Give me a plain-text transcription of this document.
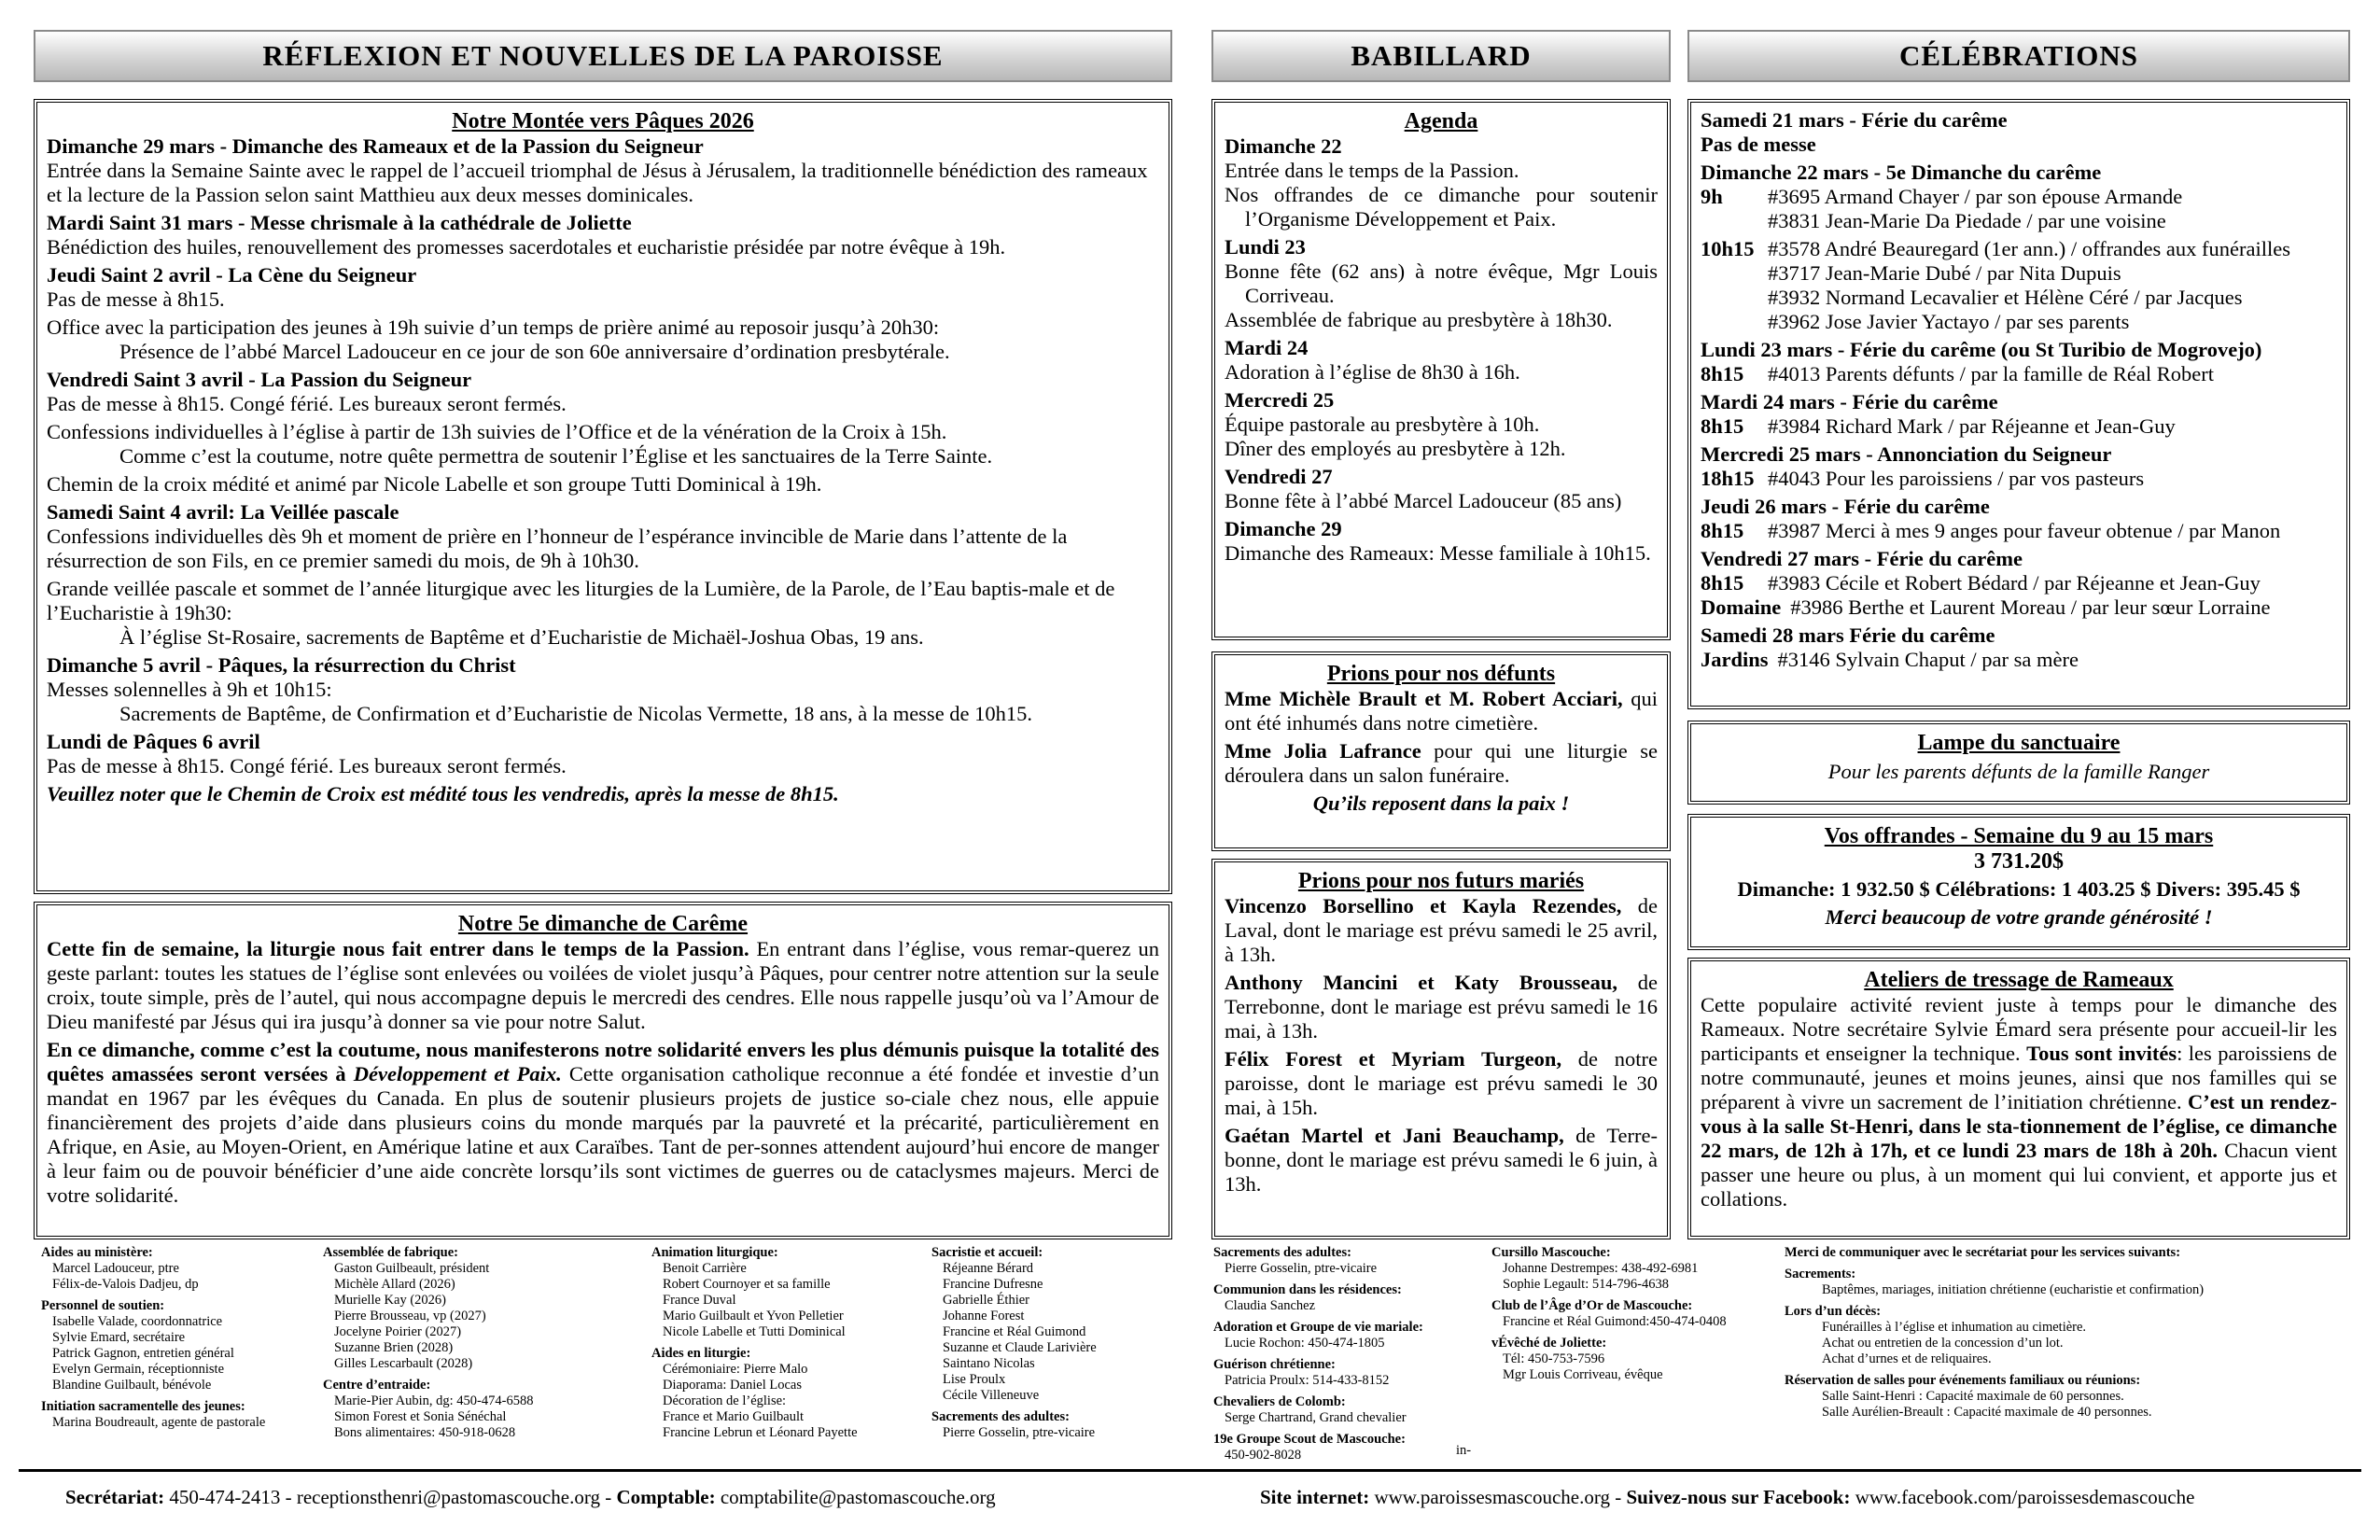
RÉFLEXION ET NOUVELLES DE LA PAROISSE	BABILLARD	CÉLÉBRATIONS
Notre Montée vers Pâques 2026
Dimanche 29 mars - Dimanche des Rameaux et de la Passion du Seigneur
Entrée dans la Semaine Sainte avec le rappel de l’accueil triomphal de Jésus à Jérusalem, la traditionnelle bénédiction des rameaux et la lecture de la Passion selon saint Matthieu aux deux messes dominicales.
Mardi Saint 31 mars - Messe chrismale à la cathédrale de Joliette
Bénédiction des huiles, renouvellement des promesses sacerdotales et eucharistie présidée par notre évêque à 19h.
Jeudi Saint 2 avril - La Cène du Seigneur
Pas de messe à 8h15.
Office avec la participation des jeunes à 19h suivie d’un temps de prière animé au reposoir jusqu’à 20h30:
Présence de l’abbé Marcel Ladouceur en ce jour de son 60e anniversaire d’ordination presbytérale.
Vendredi Saint 3 avril - La Passion du Seigneur
Pas de messe à 8h15. Congé férié. Les bureaux seront fermés.
Confessions individuelles à l’église à partir de 13h suivies de l’Office et de la vénération de la Croix à 15h.
Comme c’est la coutume, notre quête permettra de soutenir l’Église et les sanctuaires de la Terre Sainte.
Chemin de la croix médité et animé par Nicole Labelle et son groupe Tutti Dominical à 19h.
Samedi Saint 4 avril: La Veillée pascale
Confessions individuelles dès 9h et moment de prière en l’honneur de l’espérance invincible de Marie dans l’attente de la résurrection de son Fils, en ce premier samedi du mois, de 9h à 10h30.
Grande veillée pascale et sommet de l’année liturgique avec les liturgies de la Lumière, de la Parole, de l’Eau baptis-male et de l’Eucharistie à 19h30:
À l’église St-Rosaire, sacrements de Baptême et d’Eucharistie de Michaël-Joshua Obas, 19 ans.
Dimanche 5 avril - Pâques, la résurrection du Christ
Messes solennelles à 9h et 10h15:
Sacrements de Baptême, de Confirmation et d’Eucharistie de Nicolas Vermette, 18 ans, à la messe de 10h15.
Lundi de Pâques 6 avril
Pas de messe à 8h15. Congé férié. Les bureaux seront fermés.
Veuillez noter que le Chemin de Croix est médité tous les vendredis, après la messe de 8h15.
Notre 5e dimanche de Carême
Cette fin de semaine, la liturgie nous fait entrer dans le temps de la Passion. En entrant dans l’église, vous remar-querez un geste parlant: toutes les statues de l’église sont enlevées ou voilées de violet jusqu’à Pâques, pour centrer notre attention sur la seule croix, toute simple, près de l’autel, qui nous accompagne depuis le mercredi des cendres. Elle nous rappelle jusqu’où va l’Amour de Dieu manifesté par Jésus qui ira jusqu’à donner sa vie pour notre Salut.
En ce dimanche, comme c’est la coutume, nous manifesterons notre solidarité envers les plus démunis puisque la totalité des quêtes amassées seront versées à Développement et Paix. Cette organisation catholique reconnue a été fondée et investie d’un mandat en 1967 par les évêques du Canada. En plus de soutenir plusieurs projets de justice so-ciale chez nous, elle appuie financièrement des projets d’aide dans plusieurs coins du monde marqués par la pauvreté et la précarité, particulièrement en Afrique, en Asie, au Moyen-Orient, en Amérique latine et aux Caraïbes. Tant de per-sonnes attendent aujourd’hui encore de manger à leur faim ou de pouvoir bénéficier d’une aide concrète lorsqu’ils sont victimes de guerres ou de cataclysmes majeurs. Merci de votre solidarité.
Agenda
Dimanche 22
Entrée dans le temps de la Passion.
Nos offrandes de ce dimanche pour soutenir l’Organisme Développement et Paix.
Lundi 23
Bonne fête (62 ans) à notre évêque, Mgr Louis Corriveau.
Assemblée de fabrique au presbytère à 18h30.
Mardi 24
Adoration à l’église de 8h30 à 16h.
Mercredi 25
Équipe pastorale au presbytère à 10h.
Dîner des employés au presbytère à 12h.
Vendredi 27
Bonne fête à l’abbé Marcel Ladouceur (85 ans)
Dimanche 29
Dimanche des Rameaux: Messe familiale à 10h15.
Prions pour nos défunts
Mme Michèle Brault et M. Robert Acciari, qui ont été inhumés dans notre cimetière.
Mme Jolia Lafrance pour qui une liturgie se déroulera dans un salon funéraire.
Qu’ils reposent dans la paix !
Prions pour nos futurs mariés
Vincenzo Borsellino et Kayla Rezendes, de Laval, dont le mariage est prévu samedi le 25 avril, à 13h.
Anthony Mancini et Katy Brousseau, de Terrebonne, dont le mariage est prévu samedi le 16 mai, à 13h.
Félix Forest et Myriam Turgeon, de notre paroisse, dont le mariage est prévu samedi le 30 mai, à 15h.
Gaétan Martel et Jani Beauchamp, de Terre-bonne, dont le mariage est prévu samedi le 6 juin, à 13h.
Samedi 21 mars - Férie du carême
Pas de messe
Dimanche 22 mars - 5e Dimanche du carême
9h	#3695 Armand Chayer / par son épouse Armande
#3831 Jean-Marie Da Piedade / par une voisine
10h15 #3578 André Beauregard (1er ann.) / offrandes aux funérailles
#3717 Jean-Marie Dubé / par Nita Dupuis
#3932 Normand Lecavalier et Hélène Céré / par Jacques
#3962 Jose Javier Yactayo / par ses parents
Lundi 23 mars - Férie du carême (ou St Turibio de Mogrovejo)
8h15	#4013 Parents défunts / par la famille de Réal Robert
Mardi 24 mars - Férie du carême
8h15	#3984 Richard Mark / par Réjeanne et Jean-Guy
Mercredi 25 mars - Annonciation du Seigneur
18h15 #4043 Pour les paroissiens / par vos pasteurs
Jeudi 26 mars - Férie du carême
8h15	#3987 Merci à mes 9 anges pour faveur obtenue / par Manon
Vendredi 27 mars - Férie du carême
8h15	#3983 Cécile et Robert Bédard / par Réjeanne et Jean-Guy
Domaine #3986 Berthe et Laurent Moreau / par leur sœur Lorraine
Samedi 28 mars Férie du carême
Jardins #3146 Sylvain Chaput / par sa mère
Lampe du sanctuaire
Pour les parents défunts de la famille Ranger
Vos offrandes - Semaine du 9 au 15 mars
3 731.20$
Dimanche: 1 932.50 $ Célébrations: 1 403.25 $ Divers: 395.45 $
Merci beaucoup de votre grande générosité !
Ateliers de tressage de Rameaux
Cette populaire activité revient juste à temps pour le dimanche des Rameaux. Notre secrétaire Sylvie Émard sera présente pour accueil-lir les participants et enseigner la technique. Tous sont invités: les paroissiens de notre communauté, jeunes et moins jeunes, ainsi que nos familles qui se préparent à vivre un sacrement de l’initiation chrétienne. C’est un rendez-vous à la salle St-Henri, dans le sta-tionnement de l’église, ce dimanche 22 mars, de 12h à 17h, et ce lundi 23 mars de 18h à 20h. Chacun vient passer une heure ou plus, à un moment qui lui convient, et apporte jus et collations.
Aides au ministère:
Marcel Ladouceur, ptre
Félix-de-Valois Dadjeu, dp
Personnel de soutien:
Isabelle Valade, coordonnatrice
Sylvie Emard, secrétaire
Patrick Gagnon, entretien général
Evelyn Germain, réceptionniste
Blandine Guilbault, bénévole
Initiation sacramentelle des jeunes:
Marina Boudreault, agente de pastorale
Assemblée de fabrique:
Gaston Guilbeault, président
Michèle Allard (2026)
Murielle Kay (2026)
Pierre Brousseau, vp (2027)
Jocelyne Poirier (2027)
Suzanne Brien (2028)
Gilles Lescarbault (2028)
Centre d’entraide:
Marie-Pier Aubin, dg: 450-474-6588
Simon Forest et Sonia Sénéchal
Bons alimentaires: 450-918-0628
Animation liturgique:
Benoit Carrière
Robert Cournoyer et sa famille
France Duval
Mario Guilbault et Yvon Pelletier
Nicole Labelle et Tutti Dominical
Aides en liturgie:
Cérémoniaire: Pierre Malo
Diaporama: Daniel Locas
Décoration de l’église:
France et Mario Guilbault
Francine Lebrun et Léonard Payette
Sacristie et accueil:
Réjeanne Bérard
Francine Dufresne
Gabrielle Éthier
Johanne Forest
Francine et Réal Guimond
Suzanne et Claude Larivière
Saintano Nicolas
Lise Proulx
Cécile Villeneuve
Sacrements des adultes:
Pierre Gosselin, ptre-vicaire
Sacrements des adultes:
Pierre Gosselin, ptre-vicaire
Communion dans les résidences:
Claudia Sanchez
Adoration et Groupe de vie mariale:
Lucie Rochon: 450-474-1805
Guérison chrétienne:
Patricia Proulx: 514-433-8152
Chevaliers de Colomb:
Serge Chartrand, Grand chevalier
19e Groupe Scout de Mascouche:
450-902-8028
Cursillo Mascouche:
Johanne Destrempes: 438-492-6981
Sophie Legault: 514-796-4638
Club de l’Âge d’Or de Mascouche:
Francine et Réal Guimond:450-474-0408
vÉvêché de Joliette:
Tél: 450-753-7596
Mgr Louis Corriveau, évêque
in-
Merci de communiquer avec le secrétariat pour les services suivants:
Sacrements:
Baptêmes, mariages, initiation chrétienne (eucharistie et confirmation)
Lors d’un décès:
Funérailles à l’église et inhumation au cimetière.
Achat ou entretien de la concession d’un lot.
Achat d’urnes et de reliquaires.
Réservation de salles pour événements familiaux ou réunions:
Salle Saint-Henri : Capacité maximale de 60 personnes.
Salle Aurélien-Breault : Capacité maximale de 40 personnes.
Secrétariat: 450-474-2413 - receptionsthenri@pastomascouche.org - Comptable: comptabilite@pastomascouche.org	Site internet: www.paroissesmascouche.org - Suivez-nous sur Facebook: www.facebook.com/paroissesdemascouche
